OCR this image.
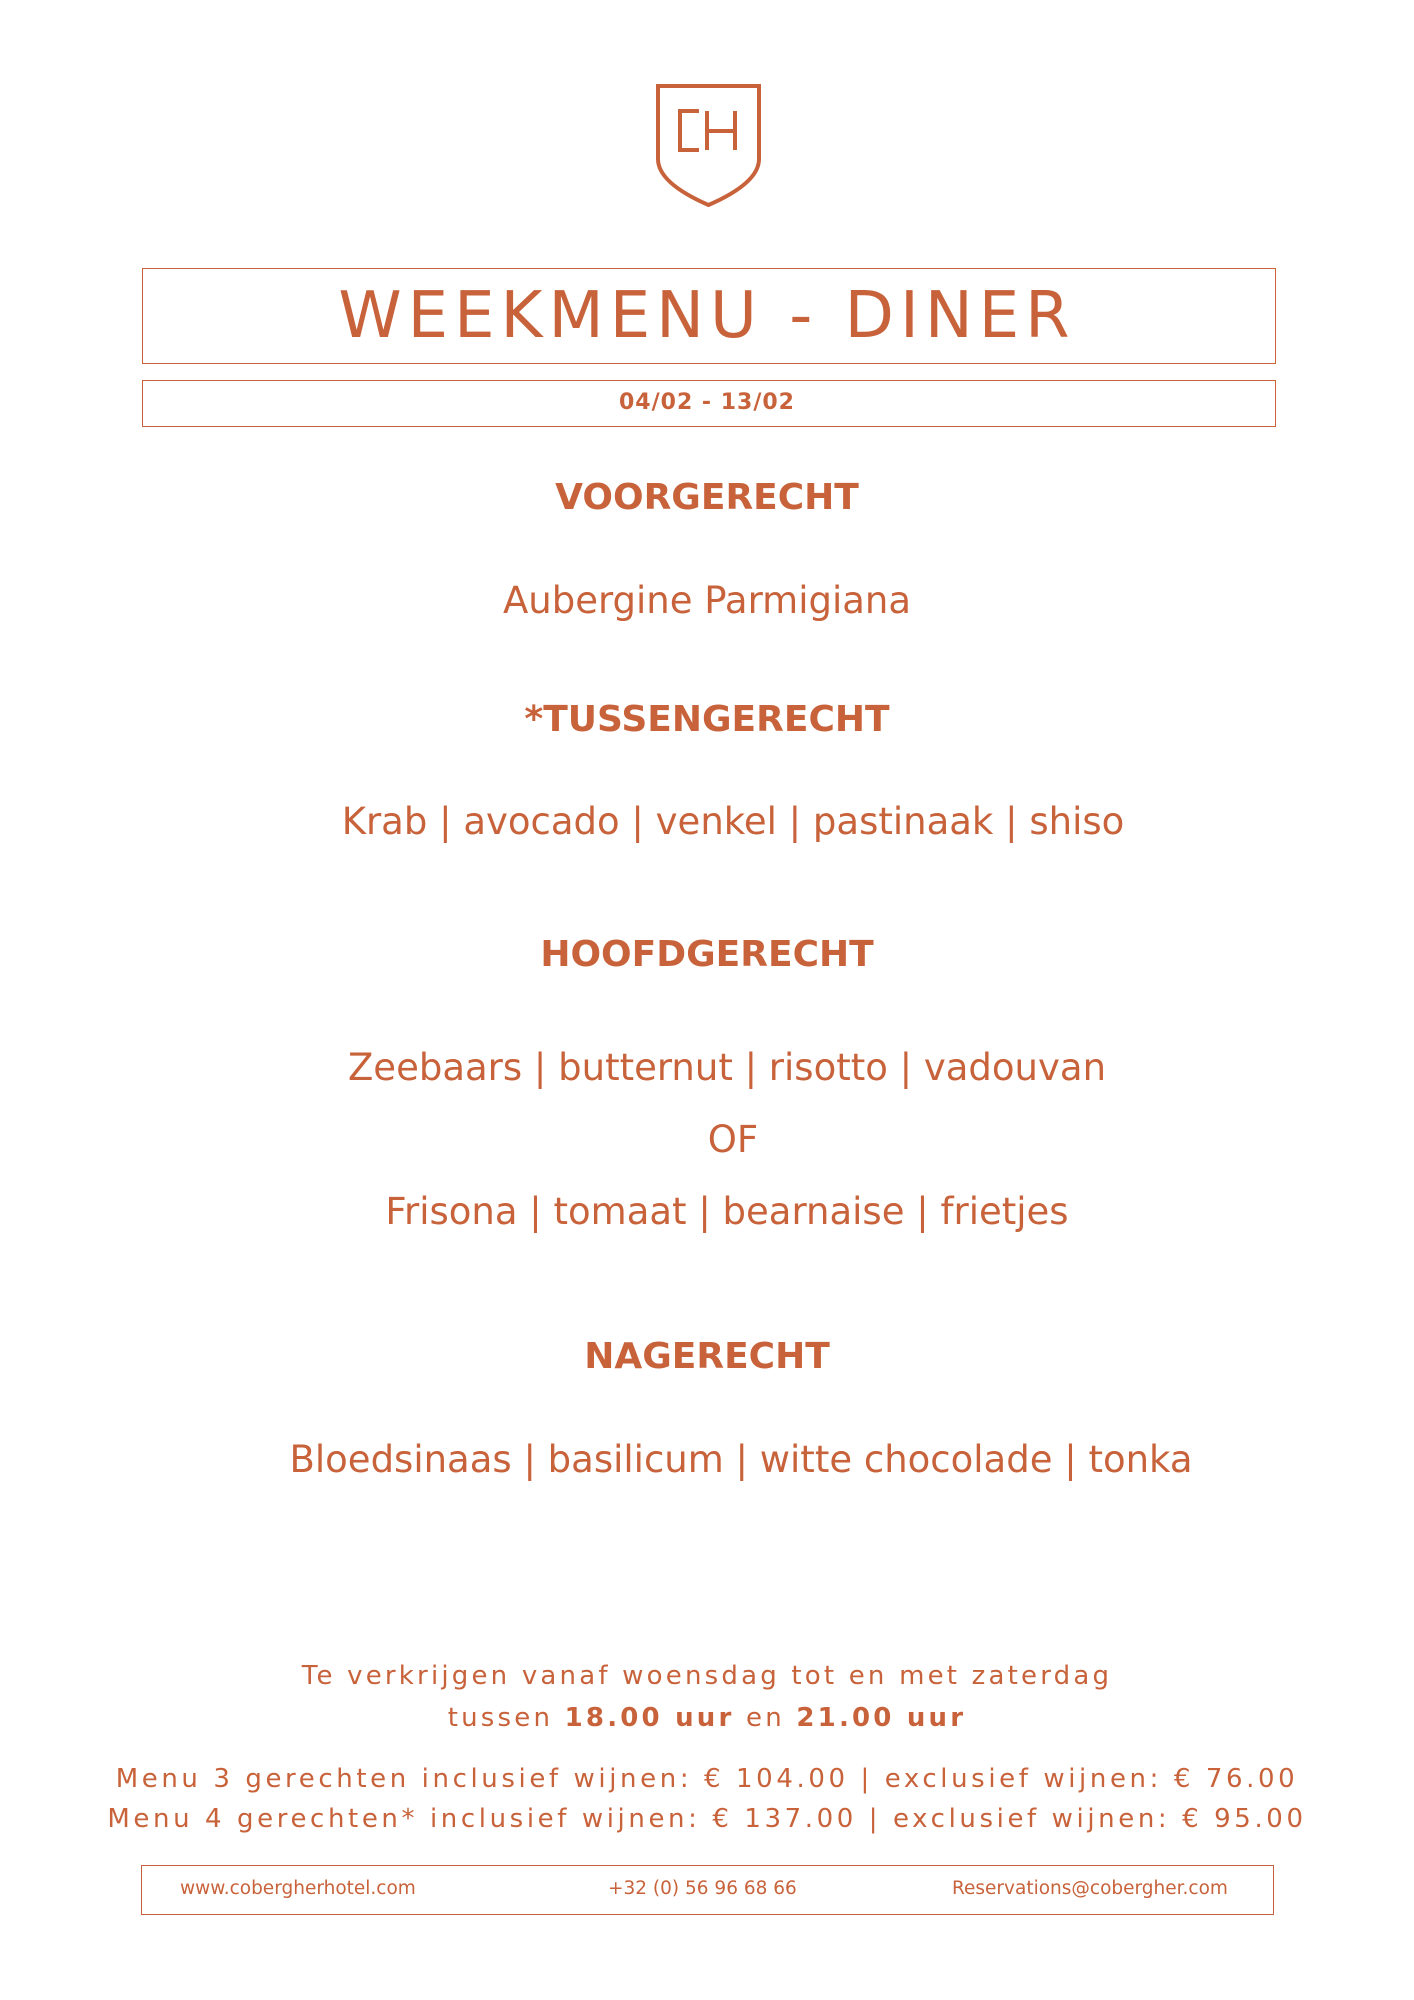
WEEKMENU - DINER
04/02 - 13/02
VOORGERECHT
Aubergine Parmigiana
*TUSSENGERECHT
Krab | avocado | venkel | pastinaak | shiso
HOOFDGERECHT
Zeebaars | butternut | risotto | vadouvan
OF
Frisona | tomaat | bearnaise | frietjes
NAGERECHT
Bloedsinaas | basilicum | witte chocolade | tonka
Te verkrijgen vanaf woensdag tot en met zaterdag
tussen 18.00 uur en 21.00 uur
Menu 3 gerechten inclusief wijnen: € 104.00 | exclusief wijnen: € 76.00
Menu 4 gerechten* inclusief wijnen: € 137.00 | exclusief wijnen: € 95.00
www.cobergherhotel.com	+32 (0) 56 96 68 66	Reservations@cobergher.com
